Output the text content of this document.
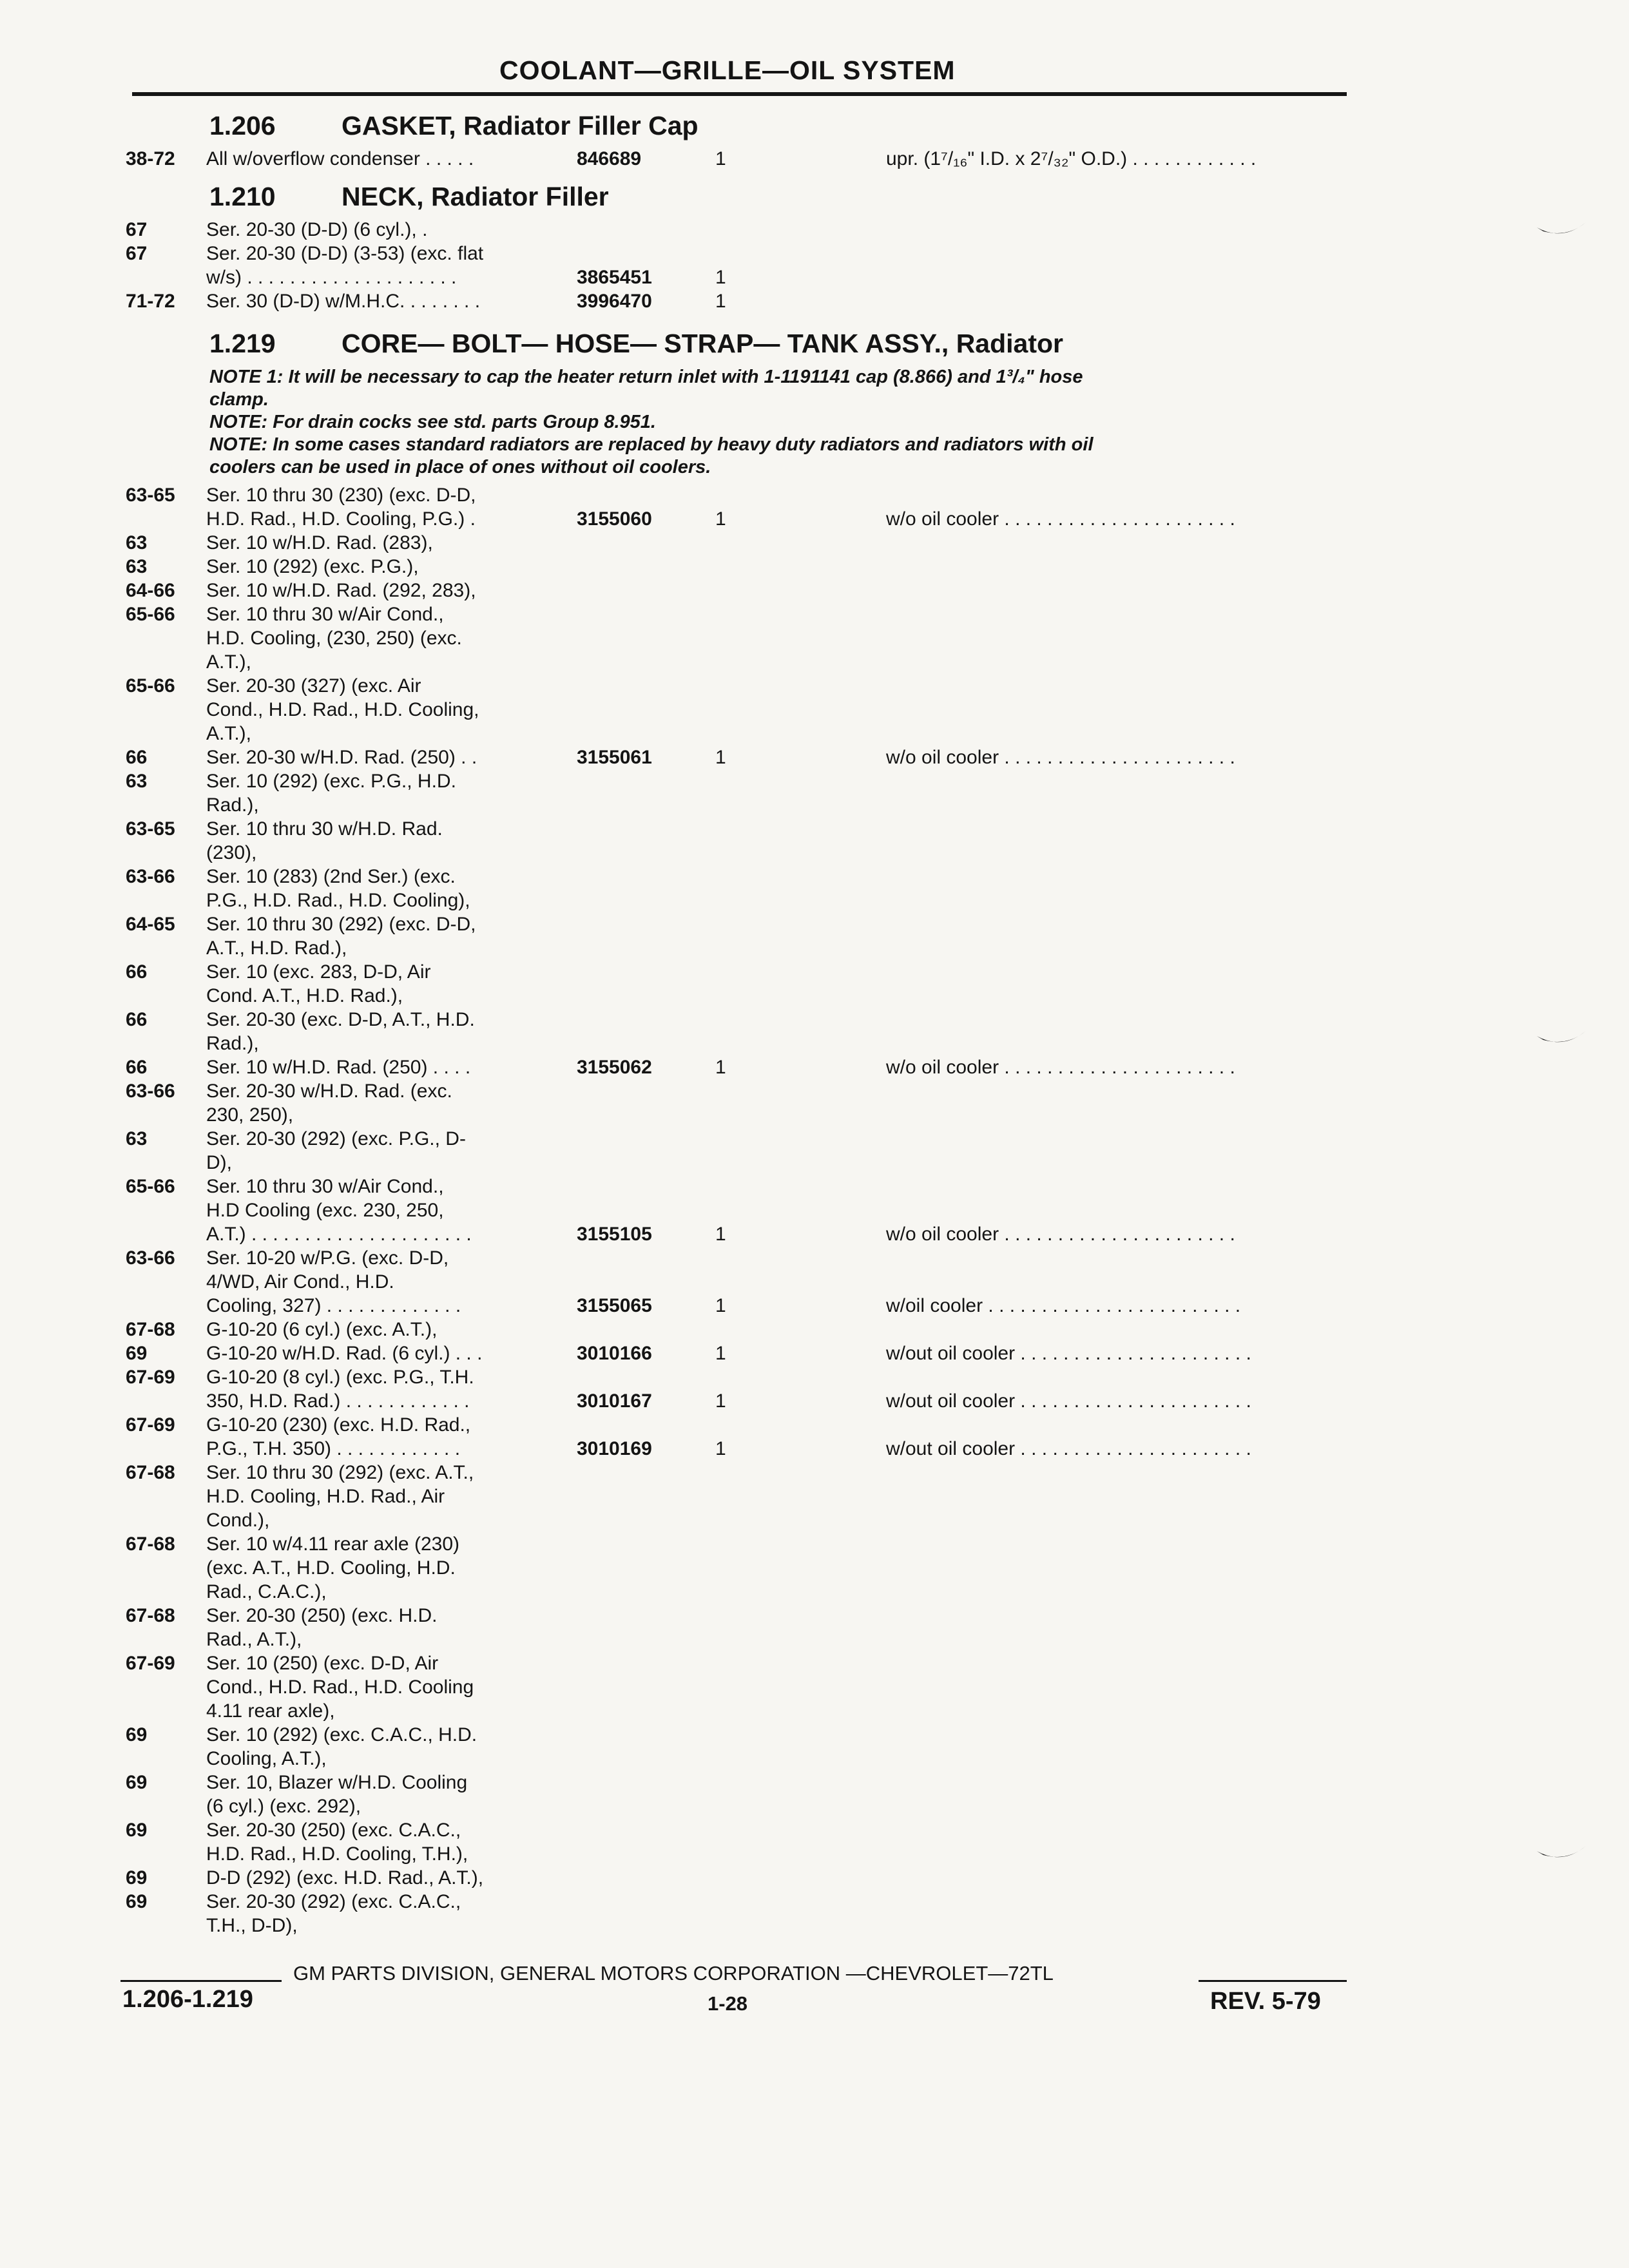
COOLANT—GRILLE—OIL SYSTEM
1.206 GASKET, Radiator Filler Cap
38-72 All w/overflow condenser . . . . .	846689	1	upr. (1⁷/₁₆" I.D. x 2⁷/₃₂" O.D.) . . . . . . . . . . . .
1.210 NECK, Radiator Filler
67	Ser. 20-30 (D-D) (6 cyl.), .
67	Ser. 20-30 (D-D) (3-53) (exc. flat
w/s) . . . . . . . . . . . . . . . . . . . .	3865451	1
71-72 Ser. 30 (D-D) w/M.H.C. . . . . . . .	3996470	1
1.219 CORE— BOLT— HOSE— STRAP— TANK ASSY., Radiator
NOTE 1: It will be necessary to cap the heater return inlet with 1-1191141 cap (8.866) and 1³/₄" hose
clamp.
NOTE: For drain cocks see std. parts Group 8.951.
NOTE: In some cases standard radiators are replaced by heavy duty radiators and radiators with oil
coolers can be used in place of ones without oil coolers.
63-65 Ser. 10 thru 30 (230) (exc. D-D,
H.D. Rad., H.D. Cooling, P.G.) .	3155060	1	w/o oil cooler . . . . . . . . . . . . . . . . . . . . . .
63	Ser. 10 w/H.D. Rad. (283),
63	Ser. 10 (292) (exc. P.G.),
64-66 Ser. 10 w/H.D. Rad. (292, 283),
65-66 Ser. 10 thru 30 w/Air Cond.,
H.D. Cooling, (230, 250) (exc.
A.T.),
65-66 Ser. 20-30 (327) (exc. Air
Cond., H.D. Rad., H.D. Cooling,
A.T.),
66	Ser. 20-30 w/H.D. Rad. (250) . .	3155061	1	w/o oil cooler . . . . . . . . . . . . . . . . . . . . . .
63	Ser. 10 (292) (exc. P.G., H.D.
Rad.),
63-65 Ser. 10 thru 30 w/H.D. Rad.
(230),
63-66 Ser. 10 (283) (2nd Ser.) (exc.
P.G., H.D. Rad., H.D. Cooling),
64-65 Ser. 10 thru 30 (292) (exc. D-D,
A.T., H.D. Rad.),
66	Ser. 10 (exc. 283, D-D, Air
Cond. A.T., H.D. Rad.),
66	Ser. 20-30 (exc. D-D, A.T., H.D.
Rad.),
66	Ser. 10 w/H.D. Rad. (250) . . . .	3155062	1	w/o oil cooler . . . . . . . . . . . . . . . . . . . . . .
63-66 Ser. 20-30 w/H.D. Rad. (exc.
230, 250),
63	Ser. 20-30 (292) (exc. P.G., D-
D),
65-66 Ser. 10 thru 30 w/Air Cond.,
H.D Cooling (exc. 230, 250,
A.T.) . . . . . . . . . . . . . . . . . . . . .	3155105	1	w/o oil cooler . . . . . . . . . . . . . . . . . . . . . .
63-66 Ser. 10-20 w/P.G. (exc. D-D,
4/WD, Air Cond., H.D.
Cooling, 327) . . . . . . . . . . . . .	3155065	1	w/oil cooler . . . . . . . . . . . . . . . . . . . . . . . .
67-68 G-10-20 (6 cyl.) (exc. A.T.),
69	G-10-20 w/H.D. Rad. (6 cyl.) . . .	3010166	1	w/out oil cooler . . . . . . . . . . . . . . . . . . . . . .
67-69 G-10-20 (8 cyl.) (exc. P.G., T.H.
350, H.D. Rad.) . . . . . . . . . . . .	3010167	1	w/out oil cooler . . . . . . . . . . . . . . . . . . . . . .
67-69 G-10-20 (230) (exc. H.D. Rad.,
P.G., T.H. 350) . . . . . . . . . . . .	3010169	1	w/out oil cooler . . . . . . . . . . . . . . . . . . . . . .
67-68 Ser. 10 thru 30 (292) (exc. A.T.,
H.D. Cooling, H.D. Rad., Air
Cond.),
67-68 Ser. 10 w/4.11 rear axle (230)
(exc. A.T., H.D. Cooling, H.D.
Rad., C.A.C.),
67-68 Ser. 20-30 (250) (exc. H.D.
Rad., A.T.),
67-69 Ser. 10 (250) (exc. D-D, Air
Cond., H.D. Rad., H.D. Cooling
4.11 rear axle),
69	Ser. 10 (292) (exc. C.A.C., H.D.
Cooling, A.T.),
69	Ser. 10, Blazer w/H.D. Cooling
(6 cyl.) (exc. 292),
69	Ser. 20-30 (250) (exc. C.A.C.,
H.D. Rad., H.D. Cooling, T.H.),
69	D-D (292) (exc. H.D. Rad., A.T.),
69	Ser. 20-30 (292) (exc. C.A.C.,
T.H., D-D),
GM PARTS DIVISION, GENERAL MOTORS CORPORATION —CHEVROLET—72TL
1.206-1.219	1-28	REV. 5-79
